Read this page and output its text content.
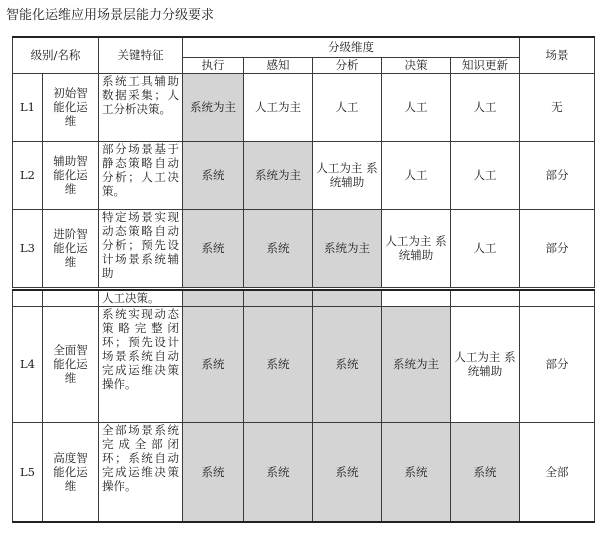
智能化运维应用场景层能力分级要求
级别/名称		关键特征	分级维度					场景
			执行	感知	分析	决策	知识更新	
L1	初始智能化运维	系统工具辅助数据采集；人工分析决策。	系统为主	人工为主	人工	人工	人工	无
L2	辅助智能化运维	部分场景基于静态策略自动分析；人工决策。	系统	系统为主	人工为主 系统辅助	人工	人工	部分
L3	进阶智能化运维	特定场景实现动态策略自动分析；预先设计场景系统辅助	系统	系统	系统为主	人工为主 系统辅助	人工	部分
		人工决策。						
L4	全面智能化运维	系统实现动态策略完整闭环；预先设计场景系统自动完成运维决策操作。	系统	系统	系统	系统为主	人工为主 系统辅助	部分
L5	高度智能化运维	全部场景系统完成全部闭环；系统自动完成运维决策操作。	系统	系统	系统	系统	系统	全部
